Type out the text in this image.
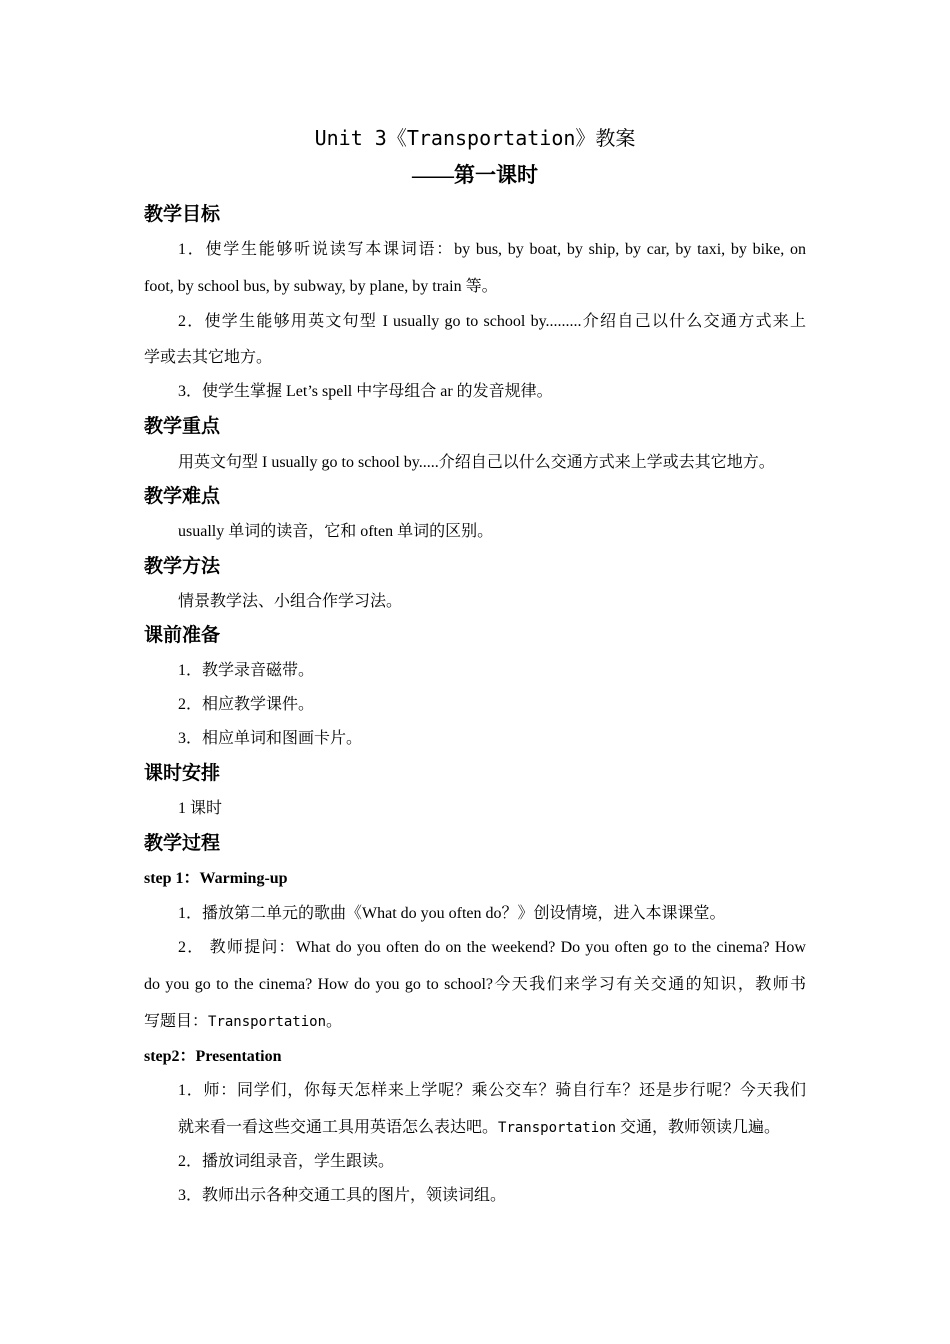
Unit 3《Transportation》教案
——第一课时
教学目标
1．使学生能够听说读写本课词语：by bus, by boat, by ship, by car, by taxi, by bike, on
foot, by school bus, by subway, by plane, by train 等。
2．使学生能够用英文句型 I usually go to school by.........介绍自己以什么交通方式来上
学或去其它地方。
3．使学生掌握 Let’s spell 中字母组合 ar 的发音规律。
教学重点
用英文句型 I usually go to school by.....介绍自己以什么交通方式来上学或去其它地方。
教学难点
usually 单词的读音，它和 often 单词的区别。
教学方法
情景教学法、小组合作学习法。
课前准备
1．教学录音磁带。
2．相应教学课件。
3．相应单词和图画卡片。
课时安排
1 课时
教学过程
step 1：Warming-up
1．播放第二单元的歌曲《What do you often do？》创设情境，进入本课课堂。
2． 教师提问：What do you often do on the weekend? Do you often go to the cinema? How
do you go to the cinema? How do you go to school?今天我们来学习有关交通的知识，教师书
写题目：Transportation。
step2：Presentation
1．师：同学们，你每天怎样来上学呢？乘公交车？骑自行车？还是步行呢？今天我们
就来看一看这些交通工具用英语怎么表达吧。Transportation 交通，教师领读几遍。
2．播放词组录音，学生跟读。
3．教师出示各种交通工具的图片，领读词组。
